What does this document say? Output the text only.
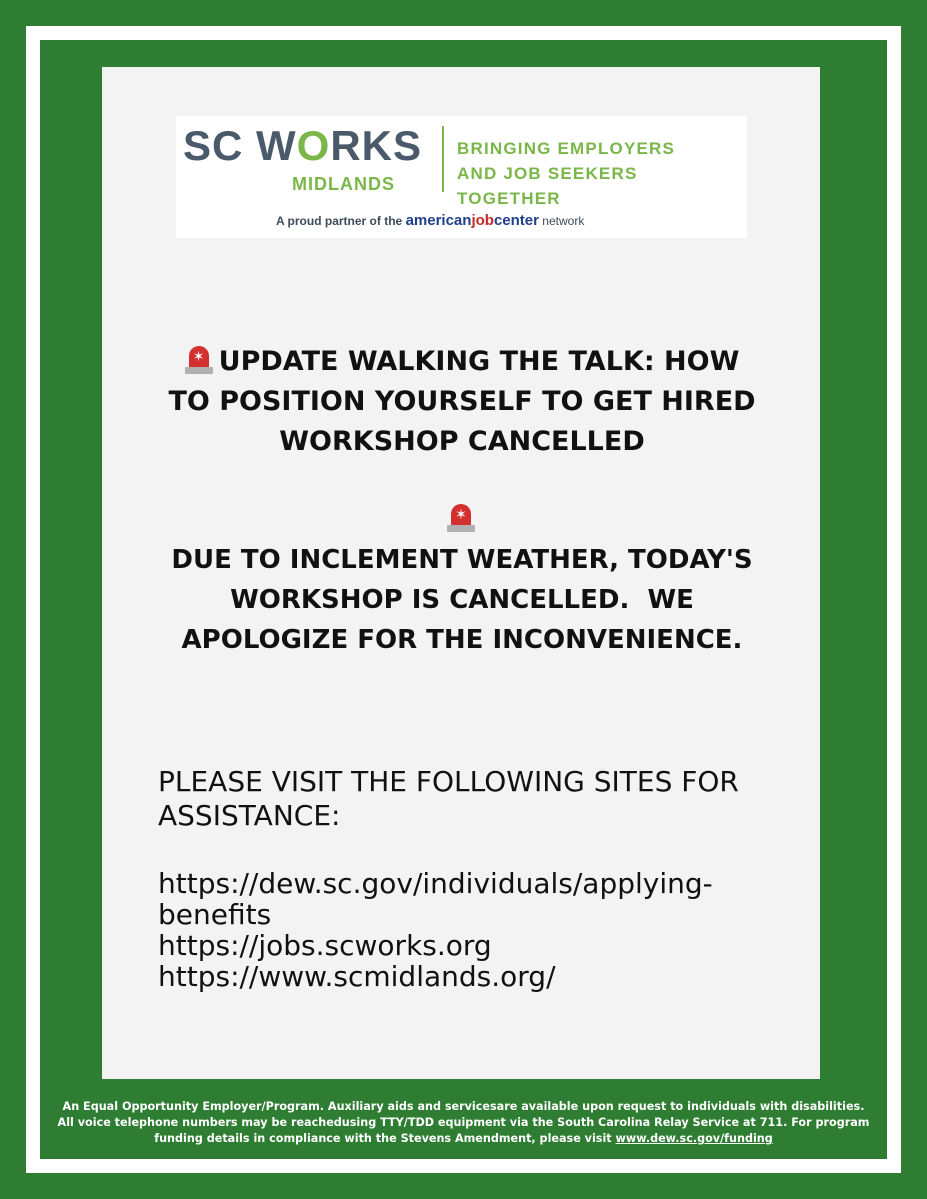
SC WORKS
MIDLANDS
BRINGING EMPLOYERS
AND JOB SEEKERS TOGETHER
A proud partner of the americanjobcenter network
✶ UPDATE WALKING THE TALK: HOW
TO POSITION YOURSELF TO GET HIRED
WORKSHOP CANCELLED
✶
DUE TO INCLEMENT WEATHER, TODAY'S
WORKSHOP IS CANCELLED.  WE
APOLOGIZE FOR THE INCONVENIENCE.
PLEASE VISIT THE FOLLOWING SITES FOR ASSISTANCE:
https://dew.sc.gov/individuals/applying-benefits
https://jobs.scworks.org
https://www.scmidlands.org/
An Equal Opportunity Employer/Program. Auxiliary aids and servicesare available upon request to individuals with disabilities.
All voice telephone numbers may be reachedusing TTY/TDD equipment via the South Carolina Relay Service at 711. For program
funding details in compliance with the Stevens Amendment, please visit www.dew.sc.gov/funding
